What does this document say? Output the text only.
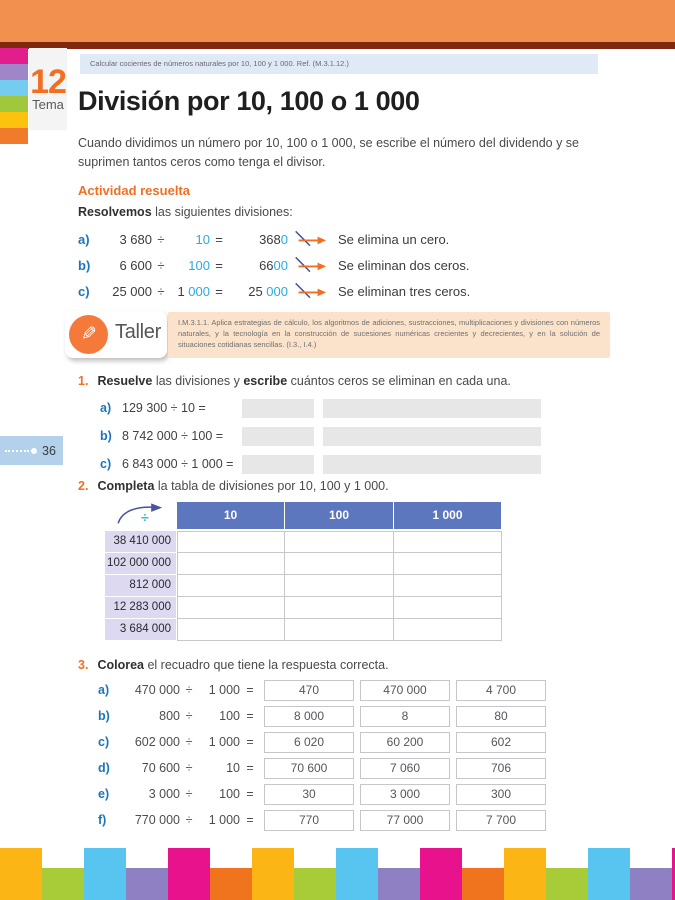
12
Tema
Calcular cocientes de números naturales por 10, 100 y 1 000. Ref. (M.3.1.12.)
División por 10, 100 o 1 000

Cuando dividimos un número por 10, 100 o 1 000, se escribe el número del dividendo y se suprimen tantos ceros como tenga el divisor.

Actividad resuelta

Resolvemos las siguientes divisiones:

a)	3 680 ÷	10 =	3680	Se elimina un cero.
b)	6 600 ÷	100 =	6600	Se eliminan dos ceros.
c)	25 000 ÷ 1 000 =	25 000	Se eliminan tres ceros.
✎ Taller	I.M.3.1.1. Aplica estrategias de cálculo, los algoritmos de adiciones, sustracciones, multiplicaciones y divisiones con números naturales, y la tecnología en la construcción de sucesiones numéricas crecientes y decrecientes, y en la solución de situaciones cotidianas sencillas. (I.3., I.4.)

1. Resuelve las divisiones y escribe cuántos ceros se eliminan en cada una.

a) 129 300 ÷ 10 =
b) 8 742 000 ÷ 100 =
c) 6 843 000 ÷ 1 000 =
36

2. Completa la tabla de divisiones por 10, 100 y 1 000.

÷	10	100	1 000
38 410 000
102 000 000
812 000
12 283 000
3 684 000

3. Colorea el recuadro que tiene la respuesta correcta.

a)	470 000 ÷	1 000 =	470	470 000	4 700
b)	800 ÷	100 =	8 000	8	80
c)	602 000 ÷	1 000 =	6 020	60 200	602
d)	70 600 ÷	10 =	70 600	7 060	706
e)	3 000 ÷	100 =	30	3 000	300
f)	770 000 ÷	1 000 =	770	77 000	7 700
